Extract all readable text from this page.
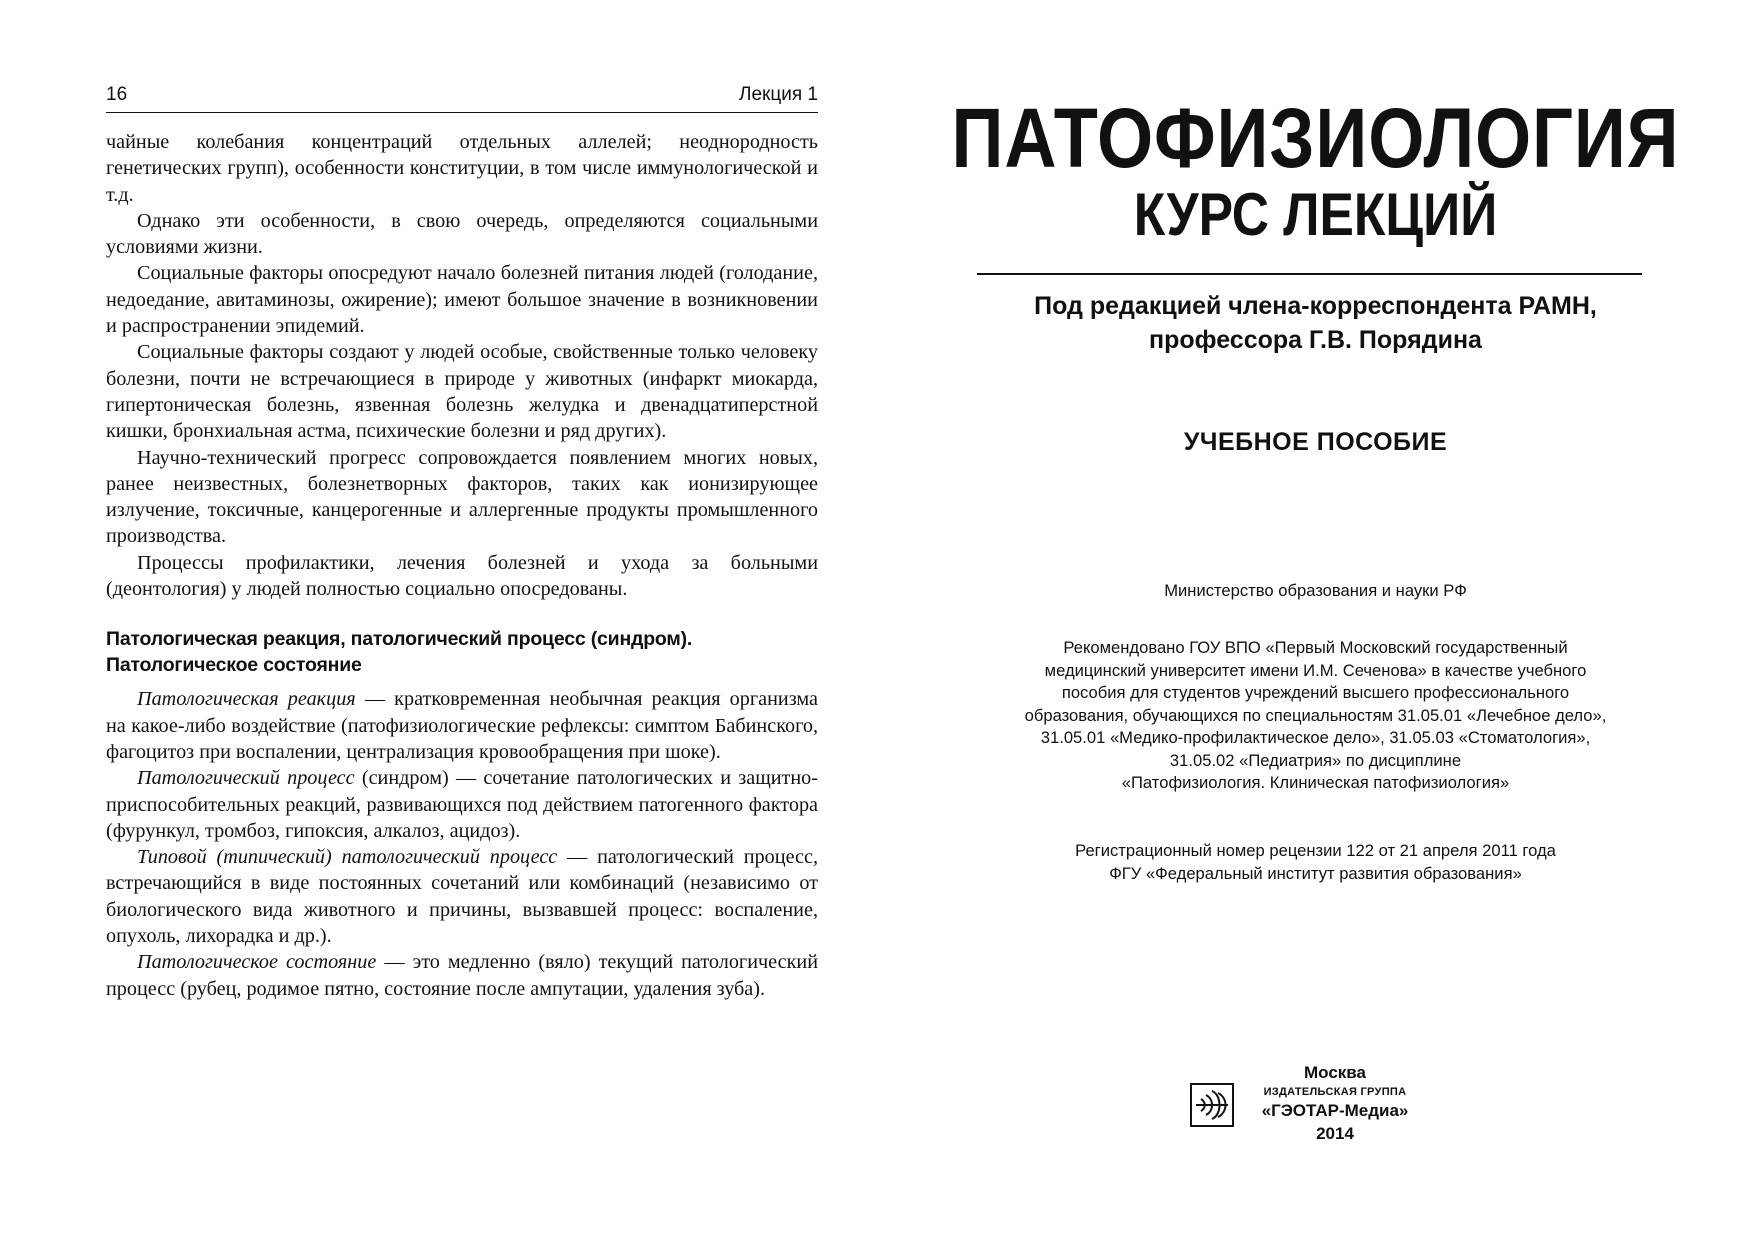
16	Лекция 1

чайные колебания концентраций отдельных аллелей; неоднородность генетических групп), особенности конституции, в том числе иммунологической и т.д.

Однако эти особенности, в свою очередь, определяются социальными условиями жизни.

Социальные факторы опосредуют начало болезней питания людей (голодание, недоедание, авитаминозы, ожирение); имеют большое значение в возникновении и распространении эпидемий.

Социальные факторы создают у людей особые, свойственные только человеку болезни, почти не встречающиеся в природе у животных (инфаркт миокарда, гипертоническая болезнь, язвенная болезнь желудка и двенадцатиперстной кишки, бронхиальная астма, психические болезни и ряд других).

Научно-технический прогресс сопровождается появлением многих новых, ранее неизвестных, болезнетворных факторов, таких как ионизирующее излучение, токсичные, канцерогенные и аллергенные продукты промышленного производства.

Процессы профилактики, лечения болезней и ухода за больными (деонтология) у людей полностью социально опосредованы.

Патологическая реакция, патологический процесс (синдром).
Патологическое состояние

Патологическая реакция — кратковременная необычная реакция организма на какое-либо воздействие (патофизиологические рефлексы: симптом Бабинского, фагоцитоз при воспалении, централизация кровообращения при шоке).

Патологический процесс (синдром) — сочетание патологических и защитно-приспособительных реакций, развивающихся под действием патогенного фактора (фурункул, тромбоз, гипоксия, алкалоз, ацидоз).

Типовой (типический) патологический процесс — патологический процесс, встречающийся в виде постоянных сочетаний или комбинаций (независимо от биологического вида животного и причины, вызвавшей процесс: воспаление, опухоль, лихорадка и др.).

Патологическое состояние — это медленно (вяло) текущий патологический процесс (рубец, родимое пятно, состояние после ампутации, удаления зуба).

ПАТОФИЗИОЛОГИЯ
КУРС ЛЕКЦИЙ
Под редакцией члена-корреспондента РАМН,
профессора Г.В. Порядина
УЧЕБНОЕ ПОСОБИЕ
Министерство образования и науки РФ
Рекомендовано ГОУ ВПО «Первый Московский государственный
медицинский университет имени И.М. Сеченова» в качестве учебного
пособия для студентов учреждений высшего профессионального
образования, обучающихся по специальностям 31.05.01 «Лечебное дело»,
31.05.01 «Медико-профилактическое дело», 31.05.03 «Стоматология»,
31.05.02 «Педиатрия» по дисциплине
«Патофизиология. Клиническая патофизиология»
Регистрационный номер рецензии 122 от 21 апреля 2011 года
ФГУ «Федеральный институт развития образования»
Москва
ИЗДАТЕЛЬСКАЯ ГРУППА
«ГЭОТАР-Медиа»
2014
